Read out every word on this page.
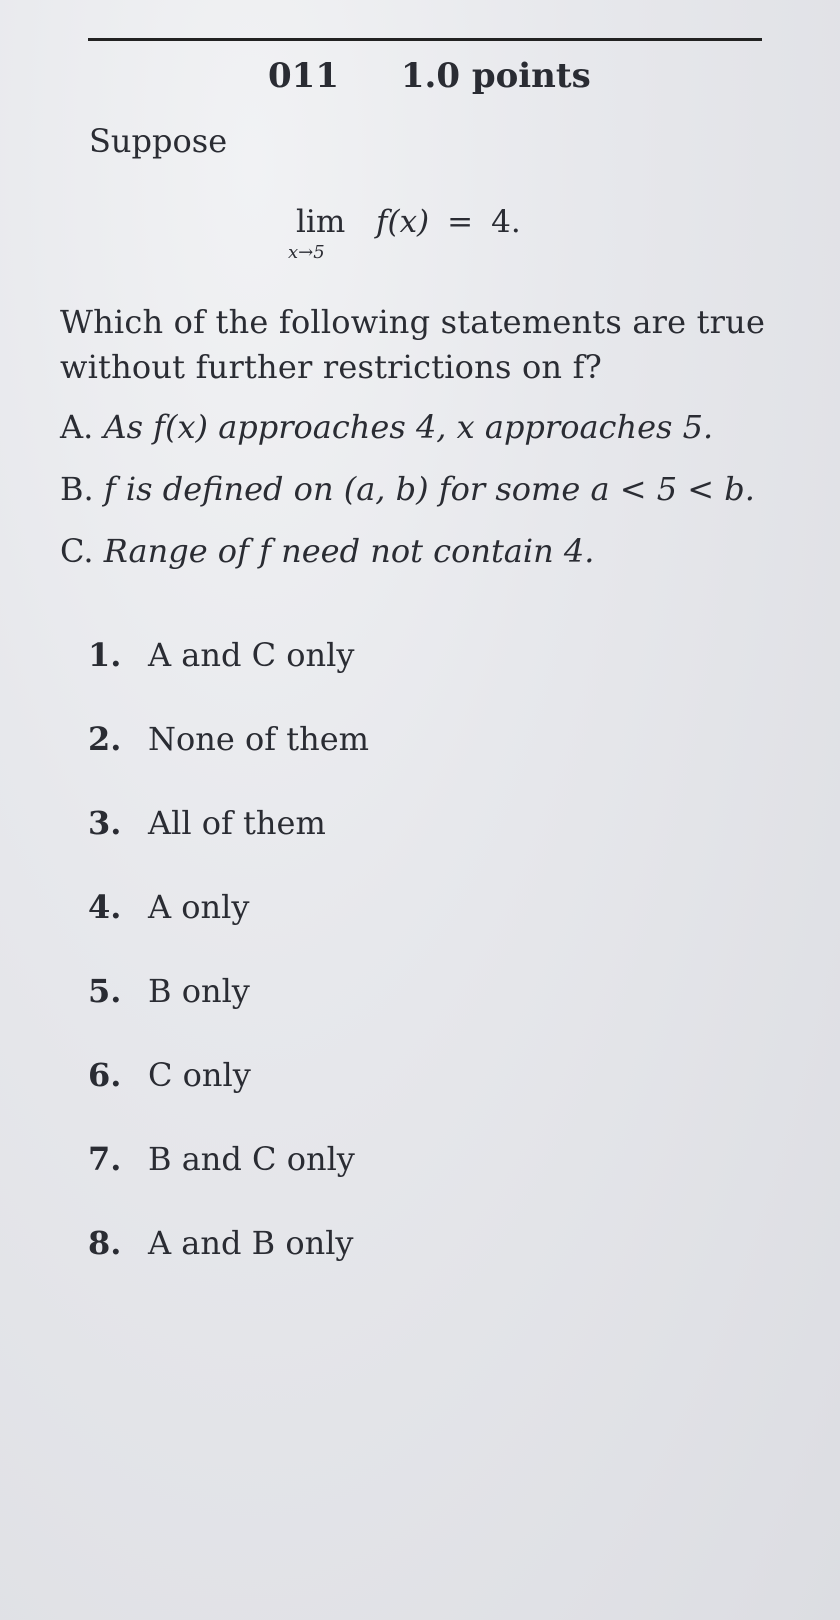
011 1.0 points
Suppose
lim
x→5
f(x) = 4.
Which of the following statements are true without further restrictions on f?
A. As f(x) approaches 4, x approaches 5.
B. f is defined on (a, b) for some a < 5 < b.
C. Range of f need not contain 4.
1. A and C only
2. None of them
3. All of them
4. A only
5. B only
6. C only
7. B and C only
8. A and B only
